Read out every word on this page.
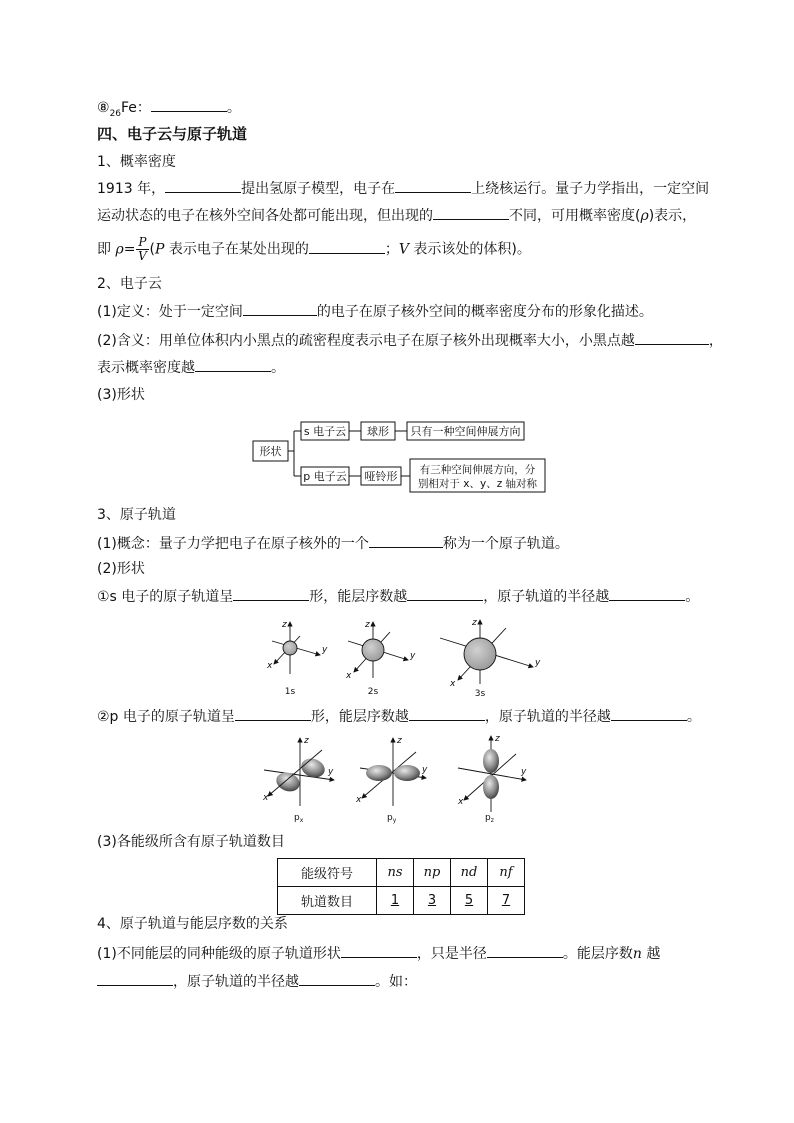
$⑧_{26}Fe$：	。
四、电子云与原子轨道
1、概率密度
1913 年，	提出氢原子模型，电子在	上绕核运行。量子力学指出，一定空间
运动状态的电子在核外空间各处都可能出现，但出现的	不同，可用概率密度(ρ)表示，
即 $\rho= \frac{P}{V} (P$ 表示电子在某处出现的	；V 表示该处的体积)。
2、电子云
(1)定义：处于一定空间	的电子在原子核外空间的概率密度分布的形象化描述。
(2)含义：用单位体积内小黑点的疏密程度表示电子在原子核外出现概率大小，小黑点越	，
表示概率密度越	。
(3)形状
形状
s 电子云 球形 只有一种空间伸展方向
p 电子云 哑铃形 有三种空间伸展方向，分
别相对于 x、y、z 轴对称
3、原子轨道
(1)概念：量子力学把电子在原子核外的一个	称为一个原子轨道。
(2)形状
①s 电子的原子轨道呈	形，能层序数越	，原子轨道的半径越	。
z
y
x
z
y
x
z
y
x
1s	2s	3s
②p 电子的原子轨道呈	形，能层序数越	，原子轨道的半径越	。
z
y
x
z
y
x
z
y
x
$p_x$	$p_y$	$p_z$
(3)各能级所含有原子轨道数目
能级符号	ns	np	nd	nf
轨道数目	1	3	5	7
4、原子轨道与能层序数的关系
(1)不同能层的同种能级的原子轨道形状	，只是半径	。能层序数n 越
，原子轨道的半径越	。如：
